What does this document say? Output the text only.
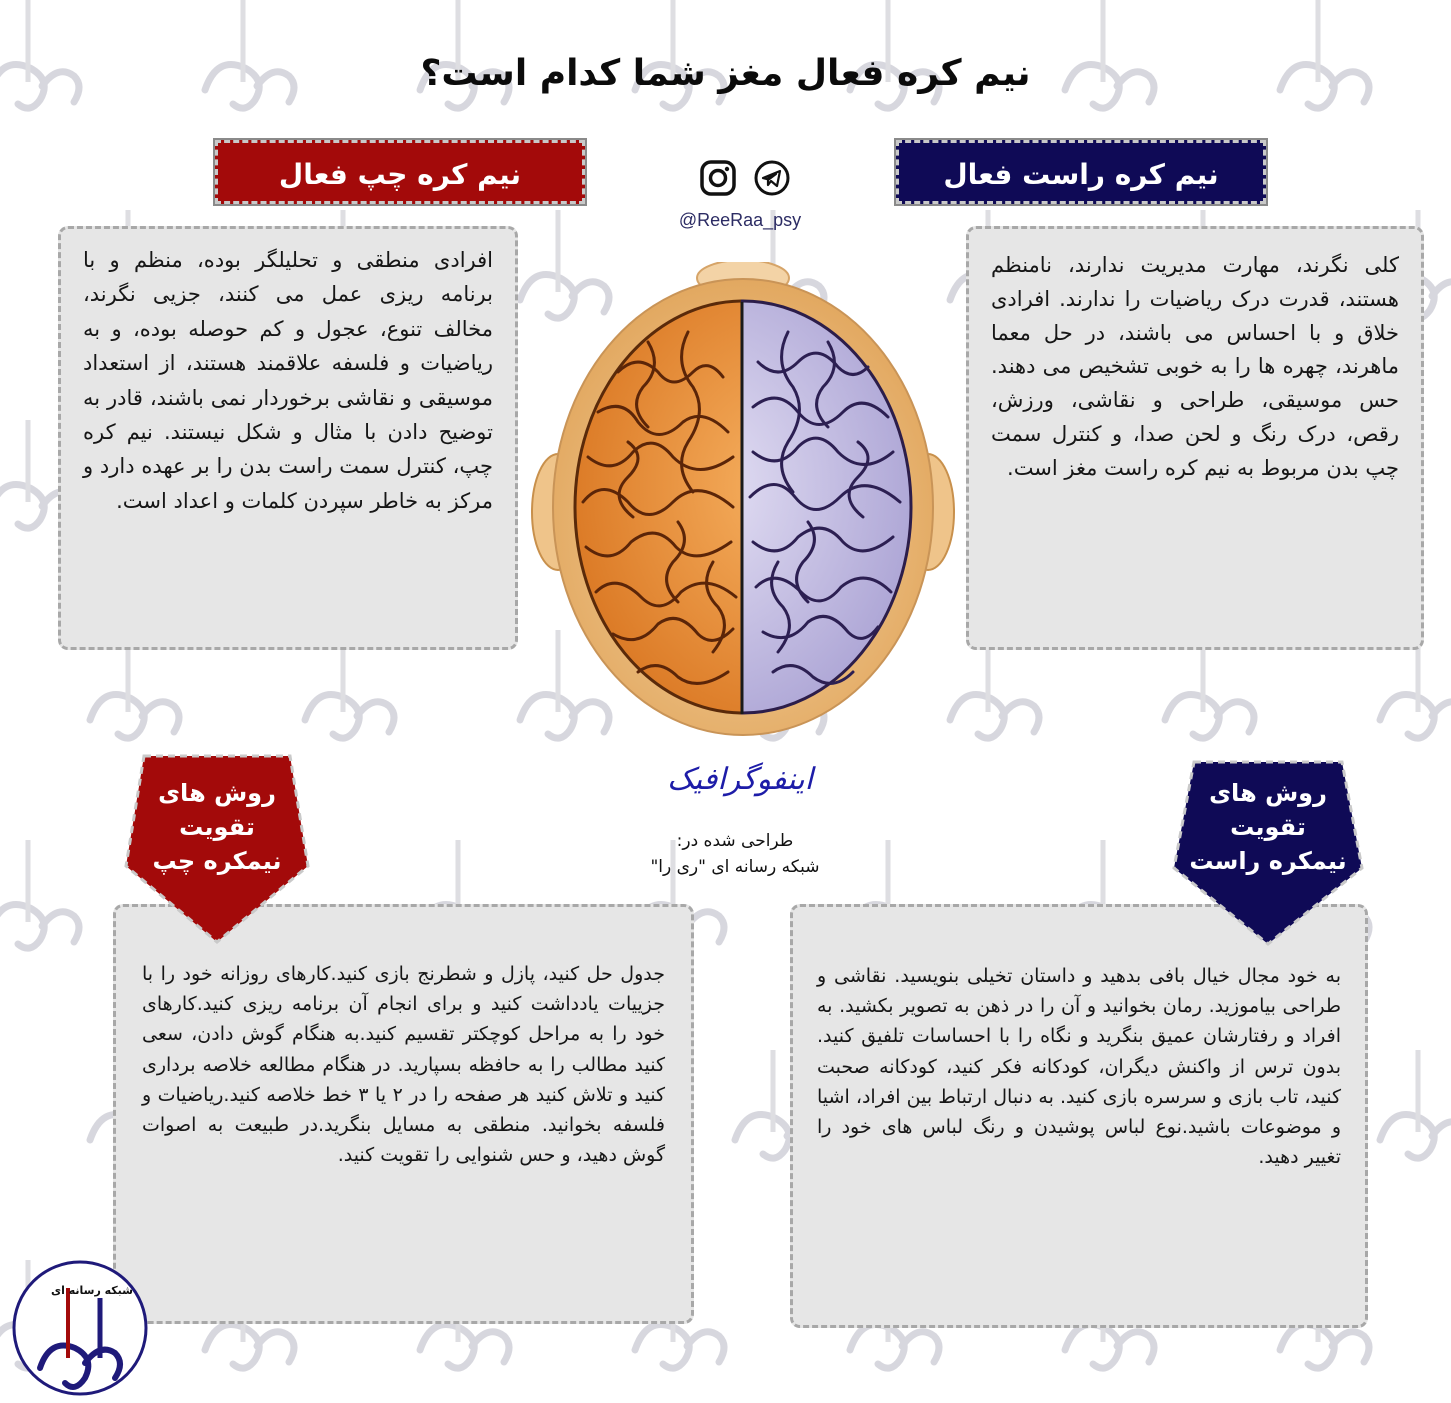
نیم کره فعال مغز شما کدام است؟
نیم کره راست فعال
نیم کره چپ فعال
@ReeRaa_psy

کلی نگرند، مهارت مدیریت ندارند، نامنظم هستند، قدرت درک ریاضیات را ندارند. افرادی خلاق و با احساس می باشند، در حل معما ماهرند، چهره ها را به خوبی تشخیص می دهند. حس موسیقی، طراحی و نقاشی، ورزش، رقص، درک رنگ و لحن صدا، و کنترل سمت چپ بدن مربوط به نیم کره راست مغز است.

افرادی منطقی و تحلیلگر بوده، منظم و با برنامه ریزی عمل می کنند، جزیی نگرند، مخالف تنوع، عجول و کم حوصله بوده، و به ریاضیات و فلسفه علاقمند هستند، از استعداد موسیقی و نقاشی برخوردار نمی باشند، قادر به توضیح دادن با مثال و شکل نیستند. نیم کره چپ، کنترل سمت راست بدن را بر عهده دارد و مرکز به خاطر سپردن کلمات و اعداد است.

اینفوگرافیک
طراحی شده در:
شبکه رسانه ای "ری را"

جدول حل کنید، پازل و شطرنج بازی کنید.کارهای روزانه خود را با جزییات یادداشت کنید و برای انجام آن برنامه ریزی کنید.کارهای خود را به مراحل کوچکتر تقسیم کنید.به هنگام گوش دادن، سعی کنید مطالب را به حافظه بسپارید. در هنگام مطالعه خلاصه برداری کنید و تلاش کنید هر صفحه را در ۲ یا ۳ خط خلاصه کنید.ریاضیات و فلسفه بخوانید. منطقی به مسایل بنگرید.در طبیعت به اصوات گوش دهید، و حس شنوایی را تقویت کنید.

به خود مجال خیال بافی بدهید و داستان تخیلی بنویسید. نقاشی و طراحی بیاموزید. رمان بخوانید و آن را در ذهن به تصویر بکشید. به افراد و رفتارشان عمیق بنگرید و نگاه را با احساسات تلفیق کنید. بدون ترس از واکنش دیگران، کودکانه فکر کنید، کودکانه صحبت کنید، تاب بازی و سرسره بازی کنید. به دنبال ارتباط بین افراد، اشیا و موضوعات باشید.نوع لباس پوشیدن و رنگ لباس های خود را تغییر دهید.

روش های
تقویت
نیمکره چپ
روش های
تقویت
نیمکره راست
شبکه رسانه ای
